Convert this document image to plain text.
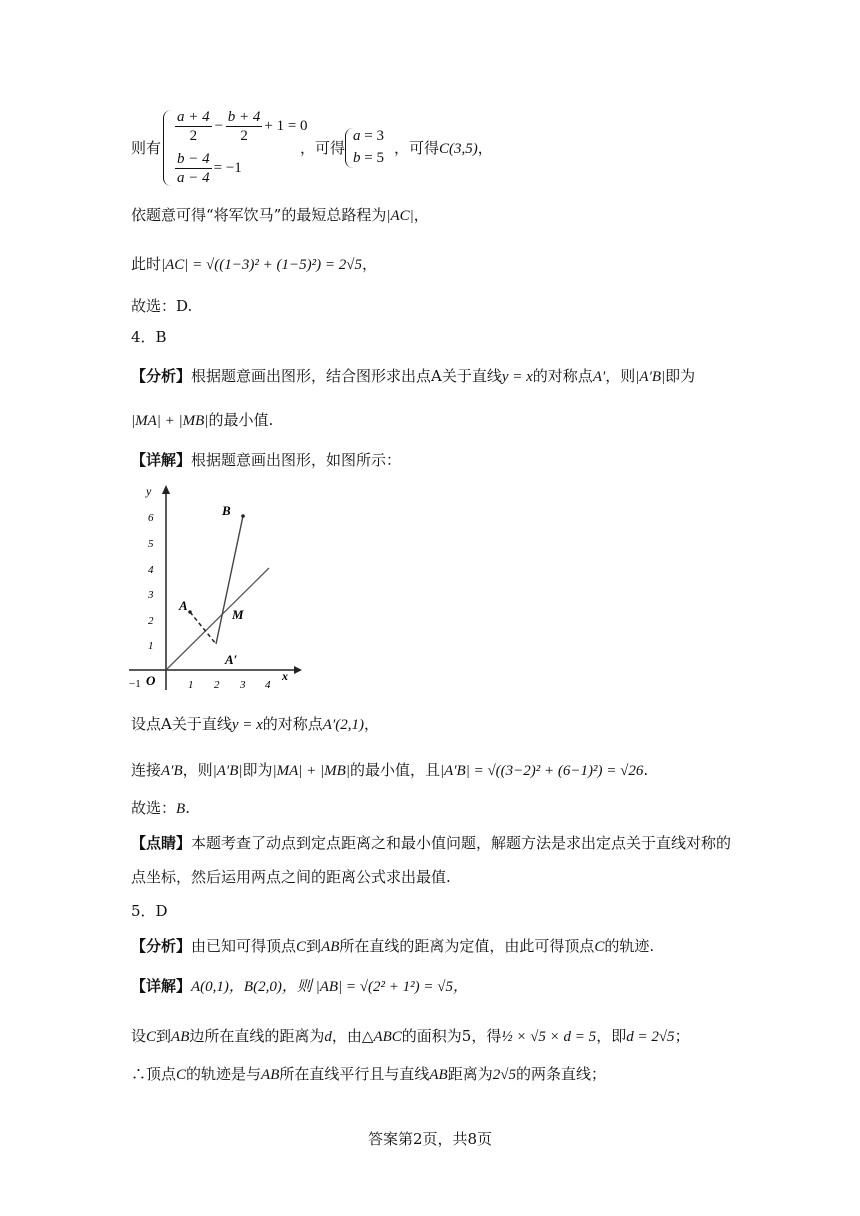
则有
$\frac{a + 4}{2} - \frac{b + 4}{2} + 1 = 0$
$\frac{b - 4}{a - 4} = -1$
，可得
a = 3
b = 5
，可得C(3,5)，
依题意可得“将军饮马”的最短总路程为|AC|，
此时|AC| = √((1−3)² + (1−5)²) = 2√5，
故选：D.
4．B
【分析】根据题意画出图形，结合图形求出点A关于直线y = x的对称点A′，则|A′B|即为
|MA| + |MB|的最小值.
【详解】根据题意画出图形，如图所示：
y
x
O
−1	1 2 3 4
1
2
3
4
5
6	B
A
M
A′
设点A关于直线y = x的对称点A′(2,1)，
连接A′B，则|A′B|即为|MA| + |MB|的最小值，且|A′B| = √((3−2)² + (6−1)²) = √26.
故选：B.
【点睛】本题考查了动点到定点距离之和最小值问题，解题方法是求出定点关于直线对称的
点坐标，然后运用两点之间的距离公式求出最值.
5．D
【分析】由已知可得顶点C到AB所在直线的距离为定值，由此可得顶点C的轨迹.
【详解】A(0,1)，B(2,0)，则 |AB| = √(2² + 1²) = √5，
设C到AB边所在直线的距离为d，由△ABC的面积为5，得½ × √5 × d = 5，即d = 2√5；
∴顶点C的轨迹是与AB所在直线平行且与直线AB距离为2√5的两条直线；
答案第2页，共8页
